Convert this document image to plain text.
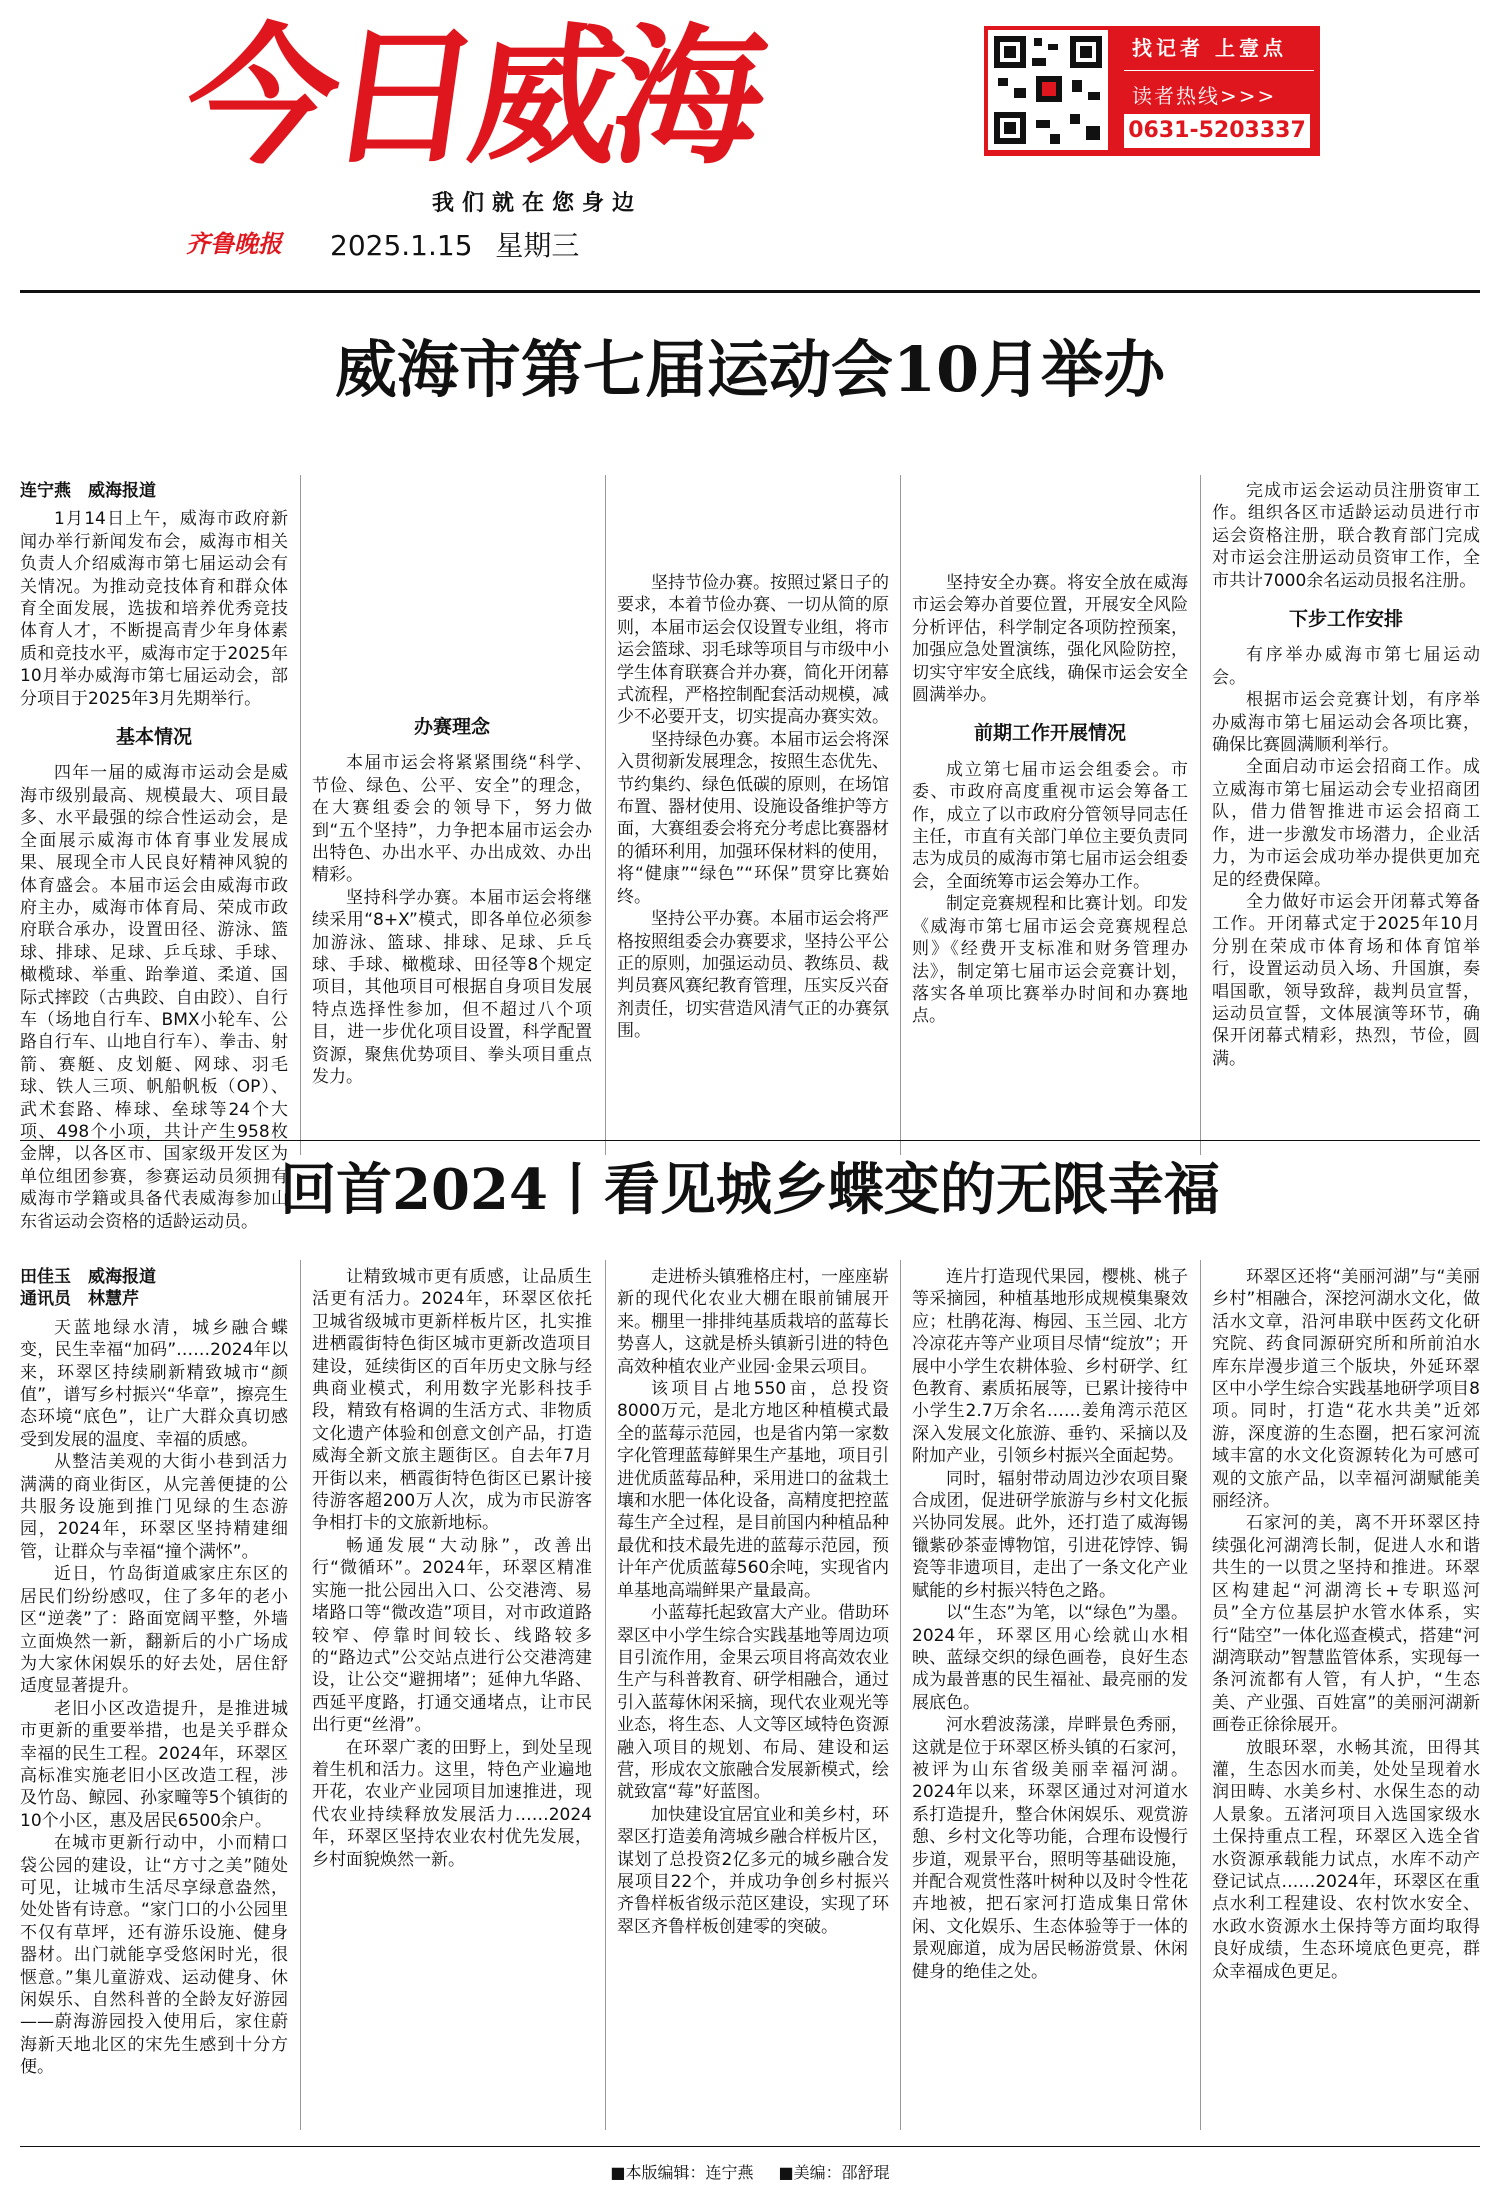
今日威海
我们就在您身边
齐鲁晚报 2025.1.15 星期三
找记者 上壹点
读者热线>>>
0631-5203337
威海市第七届运动会10月举办

连宁燕　威海报道

1月14日上午，威海市政府新闻办举行新闻发布会，威海市相关负责人介绍威海市第七届运动会有关情况。为推动竞技体育和群众体育全面发展，选拔和培养优秀竞技体育人才，不断提高青少年身体素质和竞技水平，威海市定于2025年10月举办威海市第七届运动会，部分项目于2025年3月先期举行。

基本情况

四年一届的威海市运动会是威海市级别最高、规模最大、项目最多、水平最强的综合性运动会，是全面展示威海市体育事业发展成果、展现全市人民良好精神风貌的体育盛会。本届市运会由威海市政府主办，威海市体育局、荣成市政府联合承办，设置田径、游泳、篮球、排球、足球、乒乓球、手球、橄榄球、举重、跆拳道、柔道、国际式摔跤（古典跤、自由跤）、自行车（场地自行车、BMX小轮车、公路自行车、山地自行车）、拳击、射箭、赛艇、皮划艇、网球、羽毛球、铁人三项、帆船帆板（OP）、武术套路、棒球、垒球等24个大项、498个小项，共计产生958枚金牌，以各区市、国家级开发区为单位组团参赛，参赛运动员须拥有威海市学籍或具备代表威海参加山东省运动会资格的适龄运动员。

办赛理念

本届市运会将紧紧围绕“科学、节俭、绿色、公平、安全”的理念，在大赛组委会的领导下，努力做到“五个坚持”，力争把本届市运会办出特色、办出水平、办出成效、办出精彩。

坚持科学办赛。本届市运会将继续采用“8+X”模式，即各单位必须参加游泳、篮球、排球、足球、乒乓球、手球、橄榄球、田径等8个规定项目，其他项目可根据自身项目发展特点选择性参加，但不超过八个项目，进一步优化项目设置，科学配置资源，聚焦优势项目、拳头项目重点发力。

坚持节俭办赛。按照过紧日子的要求，本着节俭办赛、一切从简的原则，本届市运会仅设置专业组，将市运会篮球、羽毛球等项目与市级中小学生体育联赛合并办赛，简化开闭幕式流程，严格控制配套活动规模，减少不必要开支，切实提高办赛实效。

坚持绿色办赛。本届市运会将深入贯彻新发展理念，按照生态优先、节约集约、绿色低碳的原则，在场馆布置、器材使用、设施设备维护等方面，大赛组委会将充分考虑比赛器材的循环利用，加强环保材料的使用，将“健康”“绿色”“环保”贯穿比赛始终。

坚持公平办赛。本届市运会将严格按照组委会办赛要求，坚持公平公正的原则，加强运动员、教练员、裁判员赛风赛纪教育管理，压实反兴奋剂责任，切实营造风清气正的办赛氛围。

坚持安全办赛。将安全放在威海市运会筹办首要位置，开展安全风险分析评估，科学制定各项防控预案，加强应急处置演练，强化风险防控，切实守牢安全底线，确保市运会安全圆满举办。

前期工作开展情况

成立第七届市运会组委会。市委、市政府高度重视市运会筹备工作，成立了以市政府分管领导同志任主任，市直有关部门单位主要负责同志为成员的威海市第七届市运会组委会，全面统筹市运会筹办工作。

制定竞赛规程和比赛计划。印发《威海市第七届市运会竞赛规程总则》《经费开支标准和财务管理办法》，制定第七届市运会竞赛计划，落实各单项比赛举办时间和办赛地点。

完成市运会运动员注册资审工作。组织各区市适龄运动员进行市运会资格注册，联合教育部门完成对市运会注册运动员资审工作，全市共计7000余名运动员报名注册。

下步工作安排

有序举办威海市第七届运动会。

根据市运会竞赛计划，有序举办威海市第七届运动会各项比赛，确保比赛圆满顺利举行。

全面启动市运会招商工作。成立威海市第七届运动会专业招商团队，借力借智推进市运会招商工作，进一步激发市场潜力，企业活力，为市运会成功举办提供更加充足的经费保障。

全力做好市运会开闭幕式筹备工作。开闭幕式定于2025年10月分别在荣成市体育场和体育馆举行，设置运动员入场、升国旗，奏唱国歌，领导致辞，裁判员宣誓，运动员宣誓，文体展演等环节，确保开闭幕式精彩，热烈，节俭，圆满。

回首2024丨看见城乡蝶变的无限幸福

田佳玉　威海报道

通讯员　林慧芹

天蓝地绿水清，城乡融合蝶变，民生幸福“加码”……2024年以来，环翠区持续刷新精致城市“颜值”，谱写乡村振兴“华章”，擦亮生态环境“底色”，让广大群众真切感受到发展的温度、幸福的质感。

从整洁美观的大街小巷到活力满满的商业街区，从完善便捷的公共服务设施到推门见绿的生态游园，2024年，环翠区坚持精建细管，让群众与幸福“撞个满怀”。

近日，竹岛街道戚家庄东区的居民们纷纷感叹，住了多年的老小区“逆袭”了：路面宽阔平整，外墙立面焕然一新，翻新后的小广场成为大家休闲娱乐的好去处，居住舒适度显著提升。

老旧小区改造提升，是推进城市更新的重要举措，也是关乎群众幸福的民生工程。2024年，环翠区高标准实施老旧小区改造工程，涉及竹岛、鲸园、孙家疃等5个镇街的10个小区，惠及居民6500余户。

在城市更新行动中，小而精口袋公园的建设，让“方寸之美”随处可见，让城市生活尽享绿意盎然，处处皆有诗意。“家门口的小公园里不仅有草坪，还有游乐设施、健身器材。出门就能享受悠闲时光，很惬意。”集儿童游戏、运动健身、休闲娱乐、自然科普的全龄友好游园——蔚海游园投入使用后，家住蔚海新天地北区的宋先生感到十分方便。

让精致城市更有质感，让品质生活更有活力。2024年，环翠区依托卫城省级城市更新样板片区，扎实推进栖霞街特色街区城市更新改造项目建设，延续街区的百年历史文脉与经典商业模式，利用数字光影科技手段，精致有格调的生活方式、非物质文化遗产体验和创意文创产品，打造威海全新文旅主题街区。自去年7月开街以来，栖霞街特色街区已累计接待游客超200万人次，成为市民游客争相打卡的文旅新地标。

畅通发展“大动脉”，改善出行“微循环”。2024年，环翠区精准实施一批公园出入口、公交港湾、易堵路口等“微改造”项目，对市政道路较窄、停靠时间较长、线路较多的“路边式”公交站点进行公交港湾建设，让公交“避拥堵”；延伸九华路、西延平度路，打通交通堵点，让市民出行更“丝滑”。

在环翠广袤的田野上，到处呈现着生机和活力。这里，特色产业遍地开花，农业产业园项目加速推进，现代农业持续释放发展活力……2024年，环翠区坚持农业农村优先发展，乡村面貌焕然一新。

走进桥头镇雅格庄村，一座座崭新的现代化农业大棚在眼前铺展开来。棚里一排排纯基质栽培的蓝莓长势喜人，这就是桥头镇新引进的特色高效种植农业产业园·金果云项目。

该项目占地550亩，总投资8000万元，是北方地区种植模式最全的蓝莓示范园，也是省内第一家数字化管理蓝莓鲜果生产基地，项目引进优质蓝莓品种，采用进口的盆栽土壤和水肥一体化设备，高精度把控蓝莓生产全过程，是目前国内种植品种最优和技术最先进的蓝莓示范园，预计年产优质蓝莓560余吨，实现省内单基地高端鲜果产量最高。

小蓝莓托起致富大产业。借助环翠区中小学生综合实践基地等周边项目引流作用，金果云项目将高效农业生产与科普教育、研学相融合，通过引入蓝莓休闲采摘，现代农业观光等业态，将生态、人文等区域特色资源融入项目的规划、布局、建设和运营，形成农文旅融合发展新模式，绘就致富“莓”好蓝图。

加快建设宜居宜业和美乡村，环翠区打造姜角湾城乡融合样板片区，谋划了总投资2亿多元的城乡融合发展项目22个，并成功争创乡村振兴齐鲁样板省级示范区建设，实现了环翠区齐鲁样板创建零的突破。

连片打造现代果园，樱桃、桃子等采摘园，种植基地形成规模集聚效应；杜鹃花海、梅园、玉兰园、北方冷凉花卉等产业项目尽情“绽放”；开展中小学生农耕体验、乡村研学、红色教育、素质拓展等，已累计接待中小学生2.7万余名……姜角湾示范区深入发展文化旅游、垂钓、采摘以及附加产业，引领乡村振兴全面起势。

同时，辐射带动周边沙农项目聚合成团，促进研学旅游与乡村文化振兴协同发展。此外，还打造了威海锡镴紫砂茶壶博物馆，引进花饽饽、锔瓷等非遗项目，走出了一条文化产业赋能的乡村振兴特色之路。

以“生态”为笔，以“绿色”为墨。2024年，环翠区用心绘就山水相映、蓝绿交织的绿色画卷，良好生态成为最普惠的民生福祉、最亮丽的发展底色。

河水碧波荡漾，岸畔景色秀丽，这就是位于环翠区桥头镇的石家河，被评为山东省级美丽幸福河湖。2024年以来，环翠区通过对河道水系打造提升，整合休闲娱乐、观赏游憩、乡村文化等功能，合理布设慢行步道，观景平台，照明等基础设施，并配合观赏性落叶树种以及时令性花卉地被，把石家河打造成集日常休闲、文化娱乐、生态体验等于一体的景观廊道，成为居民畅游赏景、休闲健身的绝佳之处。

环翠区还将“美丽河湖”与“美丽乡村”相融合，深挖河湖水文化，做活水文章，沿河串联中医药文化研究院、药食同源研究所和所前泊水库东岸漫步道三个版块，外延环翠区中小学生综合实践基地研学项目8项。同时，打造“花水共美”近郊游，深度游的生态圈，把石家河流域丰富的水文化资源转化为可感可观的文旅产品，以幸福河湖赋能美丽经济。

石家河的美，离不开环翠区持续强化河湖湾长制，促进人水和谐共生的一以贯之坚持和推进。环翠区构建起“河湖湾长+专职巡河员”全方位基层护水管水体系，实行“陆空”一体化巡查模式，搭建“河湖湾联动”智慧监管体系，实现每一条河流都有人管，有人护，“生态美、产业强、百姓富”的美丽河湖新画卷正徐徐展开。

放眼环翠，水畅其流，田得其灌，生态因水而美，处处呈现着水润田畴、水美乡村、水保生态的动人景象。五渚河项目入选国家级水土保持重点工程，环翠区入选全省水资源承载能力试点，水库不动产登记试点……2024年，环翠区在重点水利工程建设、农村饮水安全、水政水资源水土保持等方面均取得良好成绩，生态环境底色更亮，群众幸福成色更足。

■本版编辑：连宁燕 ■美编：邵舒琨
